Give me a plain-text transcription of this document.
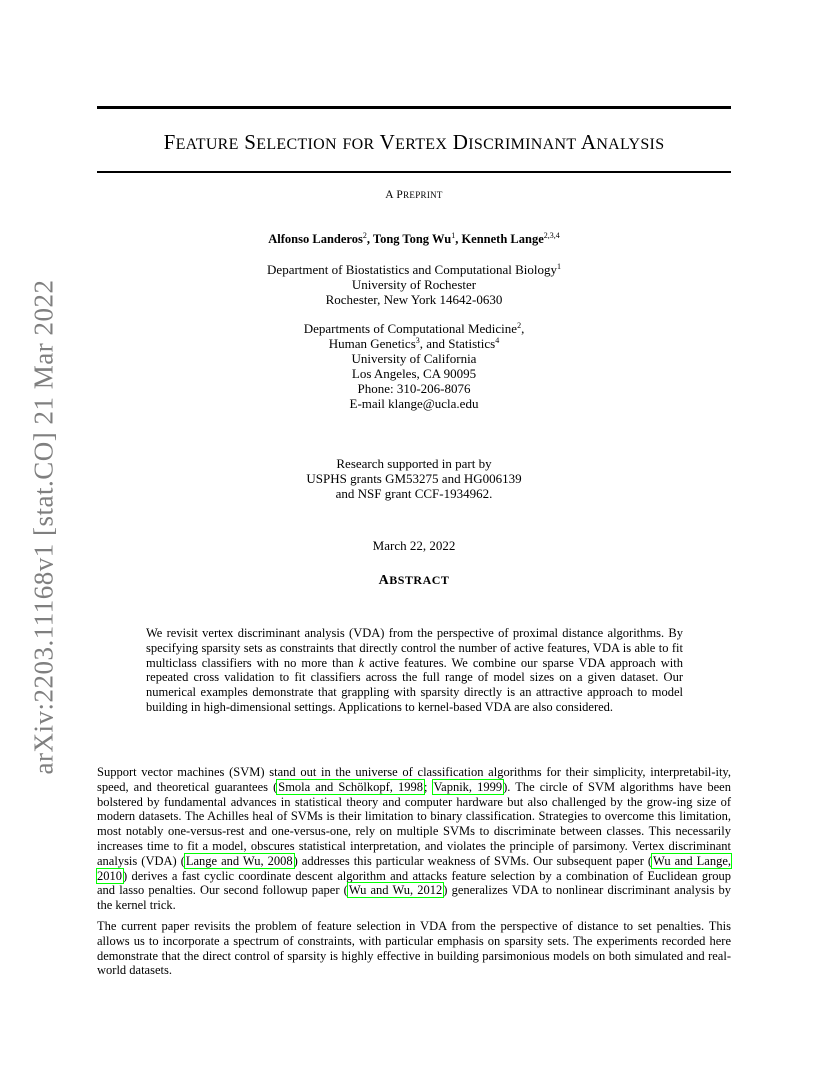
arXiv:2203.11168v1 [stat.CO] 21 Mar 2022
FEATURE SELECTION FOR VERTEX DISCRIMINANT ANALYSIS
A PREPRINT
Alfonso Landeros$^2$, Tong Tong Wu$^1$, Kenneth Lange$^{2,3,4}$
Department of Biostatistics and Computational Biology$^1$
University of Rochester
Rochester, New York 14642-0630
Departments of Computational Medicine$^2$,
Human Genetics$^3$, and Statistics$^4$
University of California
Los Angeles, CA 90095
Phone: 310-206-8076
E-mail klange@ucla.edu
Research supported in part by
USPHS grants GM53275 and HG006139
and NSF grant CCF-1934962.
March 22, 2022
ABSTRACT
We revisit vertex discriminant analysis (VDA) from the perspective of proximal distance algorithms. By specifying sparsity sets as constraints that directly control the number of active features, VDA is able to fit multiclass classifiers with no more than k active features. We combine our sparse VDA approach with repeated cross validation to fit classifiers across the full range of model sizes on a given dataset. Our numerical examples demonstrate that grappling with sparsity directly is an attractive approach to model building in high-dimensional settings. Applications to kernel-based VDA are also considered.
Support vector machines (SVM) stand out in the universe of classification algorithms for their simplicity, interpretabil-ity, speed, and theoretical guarantees (Smola and Schölkopf, 1998; Vapnik, 1999). The circle of SVM algorithms have been bolstered by fundamental advances in statistical theory and computer hardware but also challenged by the grow-ing size of modern datasets. The Achilles heal of SVMs is their limitation to binary classification. Strategies to overcome this limitation, most notably one-versus-rest and one-versus-one, rely on multiple SVMs to discriminate between classes. This necessarily increases time to fit a model, obscures statistical interpretation, and violates the principle of parsimony. Vertex discriminant analysis (VDA) (Lange and Wu, 2008) addresses this particular weakness of SVMs. Our subsequent paper (Wu and Lange, 2010) derives a fast cyclic coordinate descent algorithm and attacks feature selection by a combination of Euclidean group and lasso penalties. Our second followup paper (Wu and Wu, 2012) generalizes VDA to nonlinear discriminant analysis by the kernel trick.
The current paper revisits the problem of feature selection in VDA from the perspective of distance to set penalties. This allows us to incorporate a spectrum of constraints, with particular emphasis on sparsity sets. The experiments recorded here demonstrate that the direct control of sparsity is highly effective in building parsimonious models on both simulated and real-world datasets.
